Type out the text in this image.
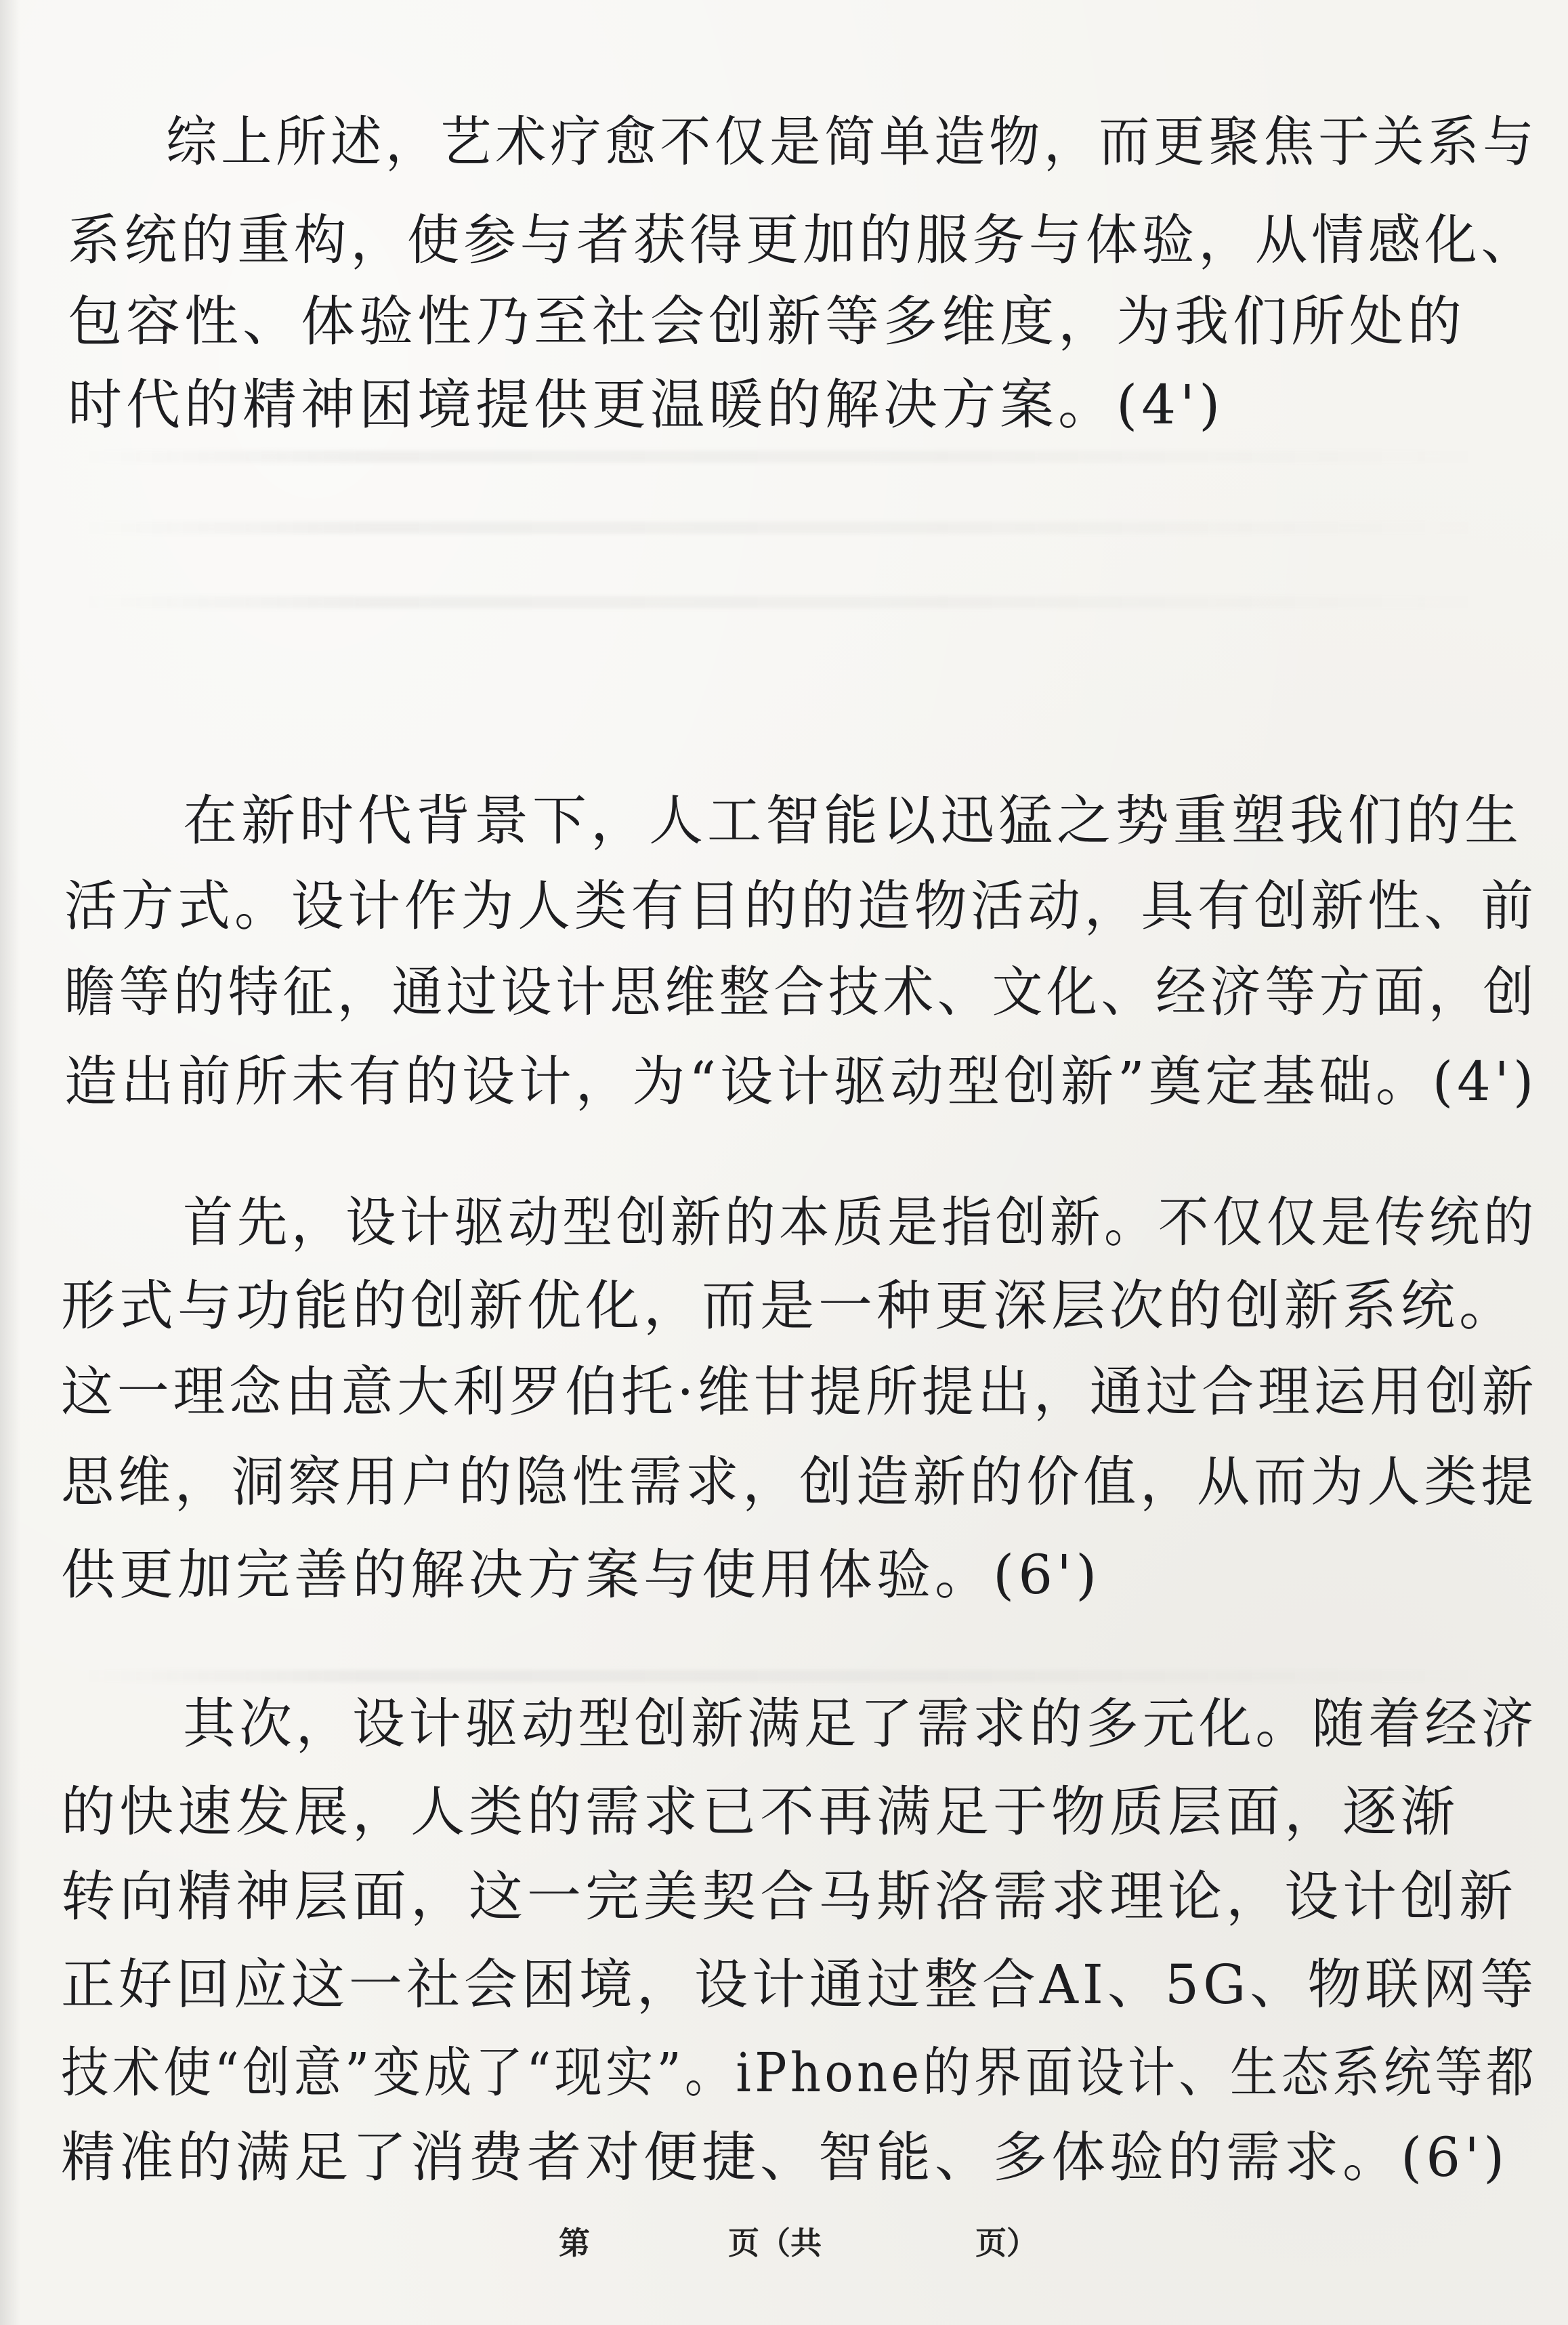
综上所述，艺术疗愈不仅是简单造物，而更聚焦于关系与
系统的重构，使参与者获得更加的服务与体验，从情感化、
包容性、体验性乃至社会创新等多维度，为我们所处的
时代的精神困境提供更温暖的解决方案。(4')
在新时代背景下，人工智能以迅猛之势重塑我们的生
活方式。设计作为人类有目的的造物活动，具有创新性、前
瞻等的特征，通过设计思维整合技术、文化、经济等方面，创
造出前所未有的设计，为“设计驱动型创新”奠定基础。(4')
首先，设计驱动型创新的本质是指创新。不仅仅是传统的
形式与功能的创新优化，而是一种更深层次的创新系统。
这一理念由意大利罗伯托·维甘提所提出，通过合理运用创新
思维，洞察用户的隐性需求，创造新的价值，从而为人类提
供更加完善的解决方案与使用体验。(6')
其次，设计驱动型创新满足了需求的多元化。随着经济
的快速发展，人类的需求已不再满足于物质层面，逐渐
转向精神层面，这一完美契合马斯洛需求理论，设计创新
正好回应这一社会困境，设计通过整合AI、5G、物联网等
技术使“创意”变成了“现实”。iPhone的界面设计、生态系统等都
精准的满足了消费者对便捷、智能、多体验的需求。(6')
第	页（共	页）
